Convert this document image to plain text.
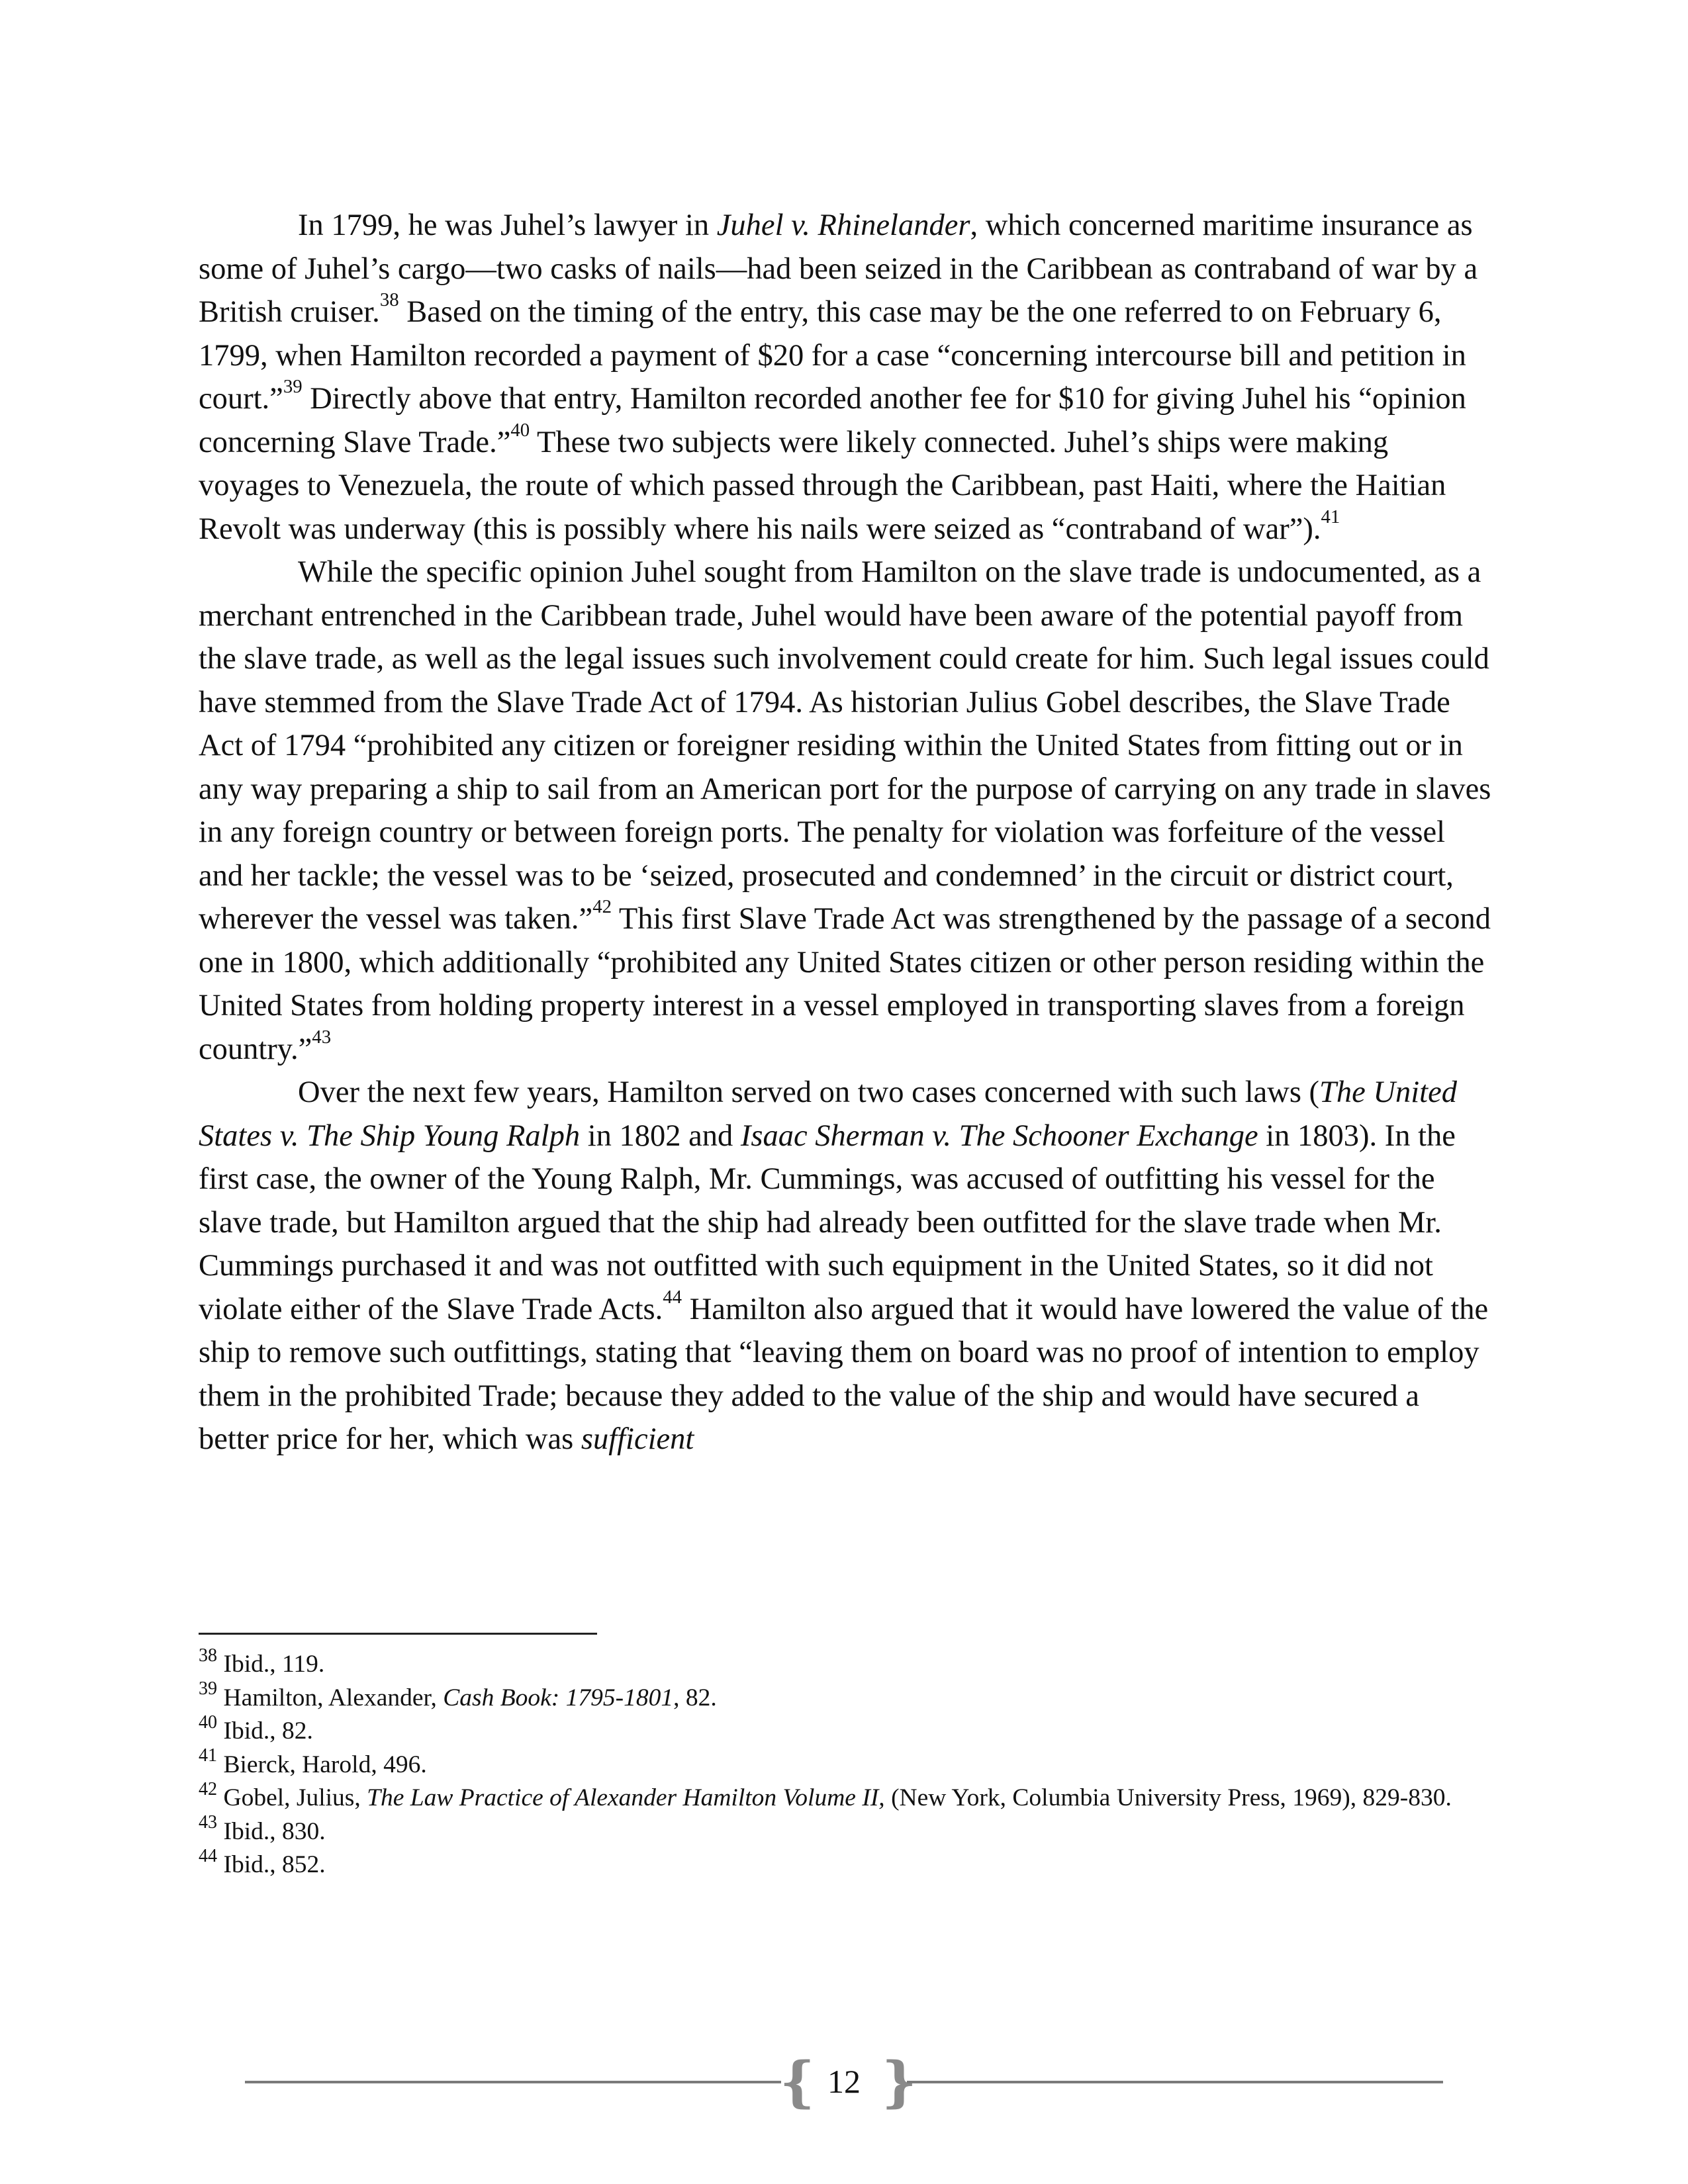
In 1799, he was Juhel’s lawyer in Juhel v. Rhinelander, which concerned maritime insurance as some of Juhel’s cargo—two casks of nails—had been seized in the Caribbean as contraband of war by a British cruiser.$^{38}$ Based on the timing of the entry, this case may be the one referred to on February 6, 1799, when Hamilton recorded a payment of $20 for a case “concerning intercourse bill and petition in court.”$^{39}$ Directly above that entry, Hamilton recorded another fee for $10 for giving Juhel his “opinion concerning Slave Trade.”$^{40}$ These two subjects were likely connected. Juhel’s ships were making voyages to Venezuela, the route of which passed through the Caribbean, past Haiti, where the Haitian Revolt was underway (this is possibly where his nails were seized as “contraband of war”).$^{41}$

While the specific opinion Juhel sought from Hamilton on the slave trade is undocumented, as a merchant entrenched in the Caribbean trade, Juhel would have been aware of the potential payoff from the slave trade, as well as the legal issues such involvement could create for him. Such legal issues could have stemmed from the Slave Trade Act of 1794. As historian Julius Gobel describes, the Slave Trade Act of 1794 “prohibited any citizen or foreigner residing within the United States from fitting out or in any way preparing a ship to sail from an American port for the purpose of carrying on any trade in slaves in any foreign country or between foreign ports. The penalty for violation was forfeiture of the vessel and her tackle; the vessel was to be ‘seized, prosecuted and condemned’ in the circuit or district court, wherever the vessel was taken.”$^{42}$ This first Slave Trade Act was strengthened by the passage of a second one in 1800, which additionally “prohibited any United States citizen or other person residing within the United States from holding property interest in a vessel employed in transporting slaves from a foreign country.”$^{43}$

Over the next few years, Hamilton served on two cases concerned with such laws (The United States v. The Ship Young Ralph in 1802 and Isaac Sherman v. The Schooner Exchange in 1803). In the first case, the owner of the Young Ralph, Mr. Cummings, was accused of outfitting his vessel for the slave trade, but Hamilton argued that the ship had already been outfitted for the slave trade when Mr. Cummings purchased it and was not outfitted with such equipment in the United States, so it did not violate either of the Slave Trade Acts.$^{44}$ Hamilton also argued that it would have lowered the value of the ship to remove such outfittings, stating that “leaving them on board was no proof of intention to employ them in the prohibited Trade; because they added to the value of the ship and would have secured a better price for her, which was sufficient

$^{38}$ Ibid., 119.

$^{39}$ Hamilton, Alexander, Cash Book: 1795-1801, 82.

$^{40}$ Ibid., 82.

$^{41}$ Bierck, Harold, 496.

$^{42}$ Gobel, Julius, The Law Practice of Alexander Hamilton Volume II, (New York, Columbia University Press, 1969), 829-830.

$^{43}$ Ibid., 830.

$^{44}$ Ibid., 852.

{ 12 }
